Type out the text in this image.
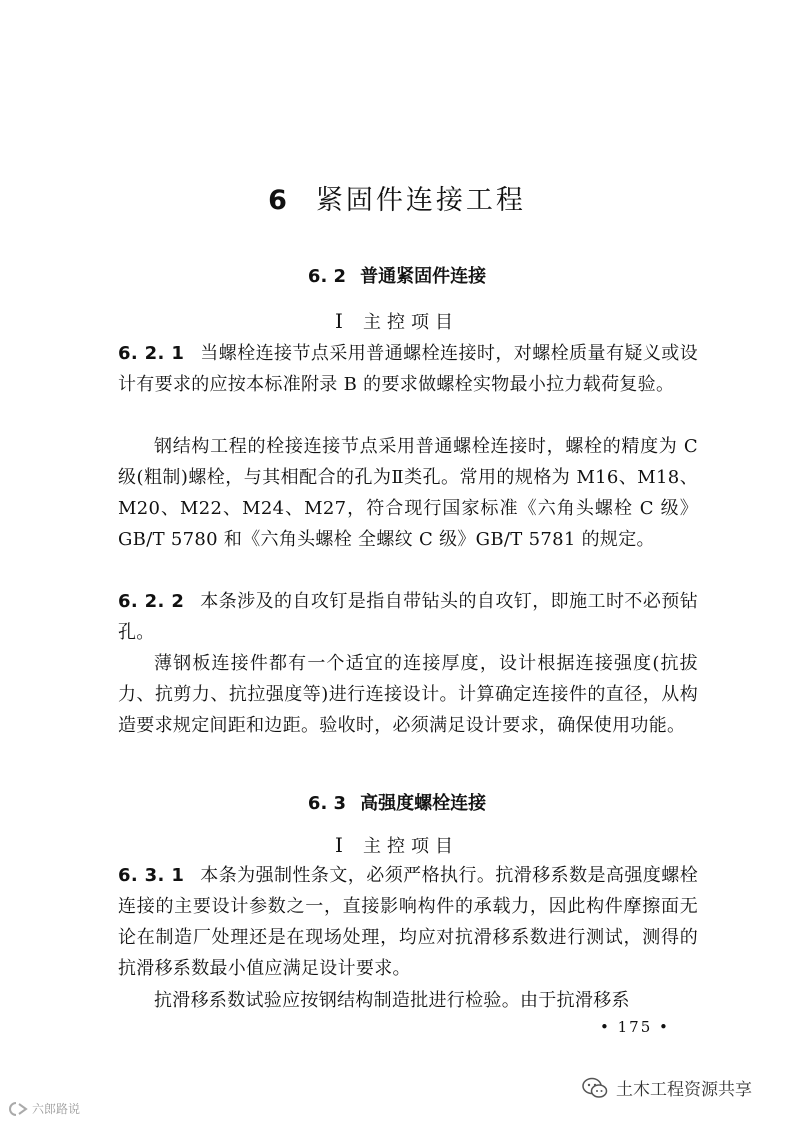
6 紧固件连接工程
6. 2 普通紧固件连接
Ⅰ 主控项目

6. 2. 1 当螺栓连接节点采用普通螺栓连接时，对螺栓质量有疑义或设计有要求的应按本标准附录 B 的要求做螺栓实物最小拉力载荷复验。

钢结构工程的栓接连接节点采用普通螺栓连接时，螺栓的精度为 C 级(粗制)螺栓，与其相配合的孔为Ⅱ类孔。常用的规格为 M16、M18、M20、M22、M24、M27，符合现行国家标准《六角头螺栓 C 级》GB/T 5780 和《六角头螺栓 全螺纹 C 级》GB/T 5781 的规定。

6. 2. 2 本条涉及的自攻钉是指自带钻头的自攻钉，即施工时不必预钻孔。

薄钢板连接件都有一个适宜的连接厚度，设计根据连接强度(抗拔力、抗剪力、抗拉强度等)进行连接设计。计算确定连接件的直径，从构造要求规定间距和边距。验收时，必须满足设计要求，确保使用功能。

6. 3 高强度螺栓连接
Ⅰ 主控项目

6. 3. 1 本条为强制性条文，必须严格执行。抗滑移系数是高强度螺栓连接的主要设计参数之一，直接影响构件的承载力，因此构件摩擦面无论在制造厂处理还是在现场处理，均应对抗滑移系数进行测试，测得的抗滑移系数最小值应满足设计要求。

抗滑移系数试验应按钢结构制造批进行检验。由于抗滑移系

• 175 •
土木工程资源共享
六郎路说
